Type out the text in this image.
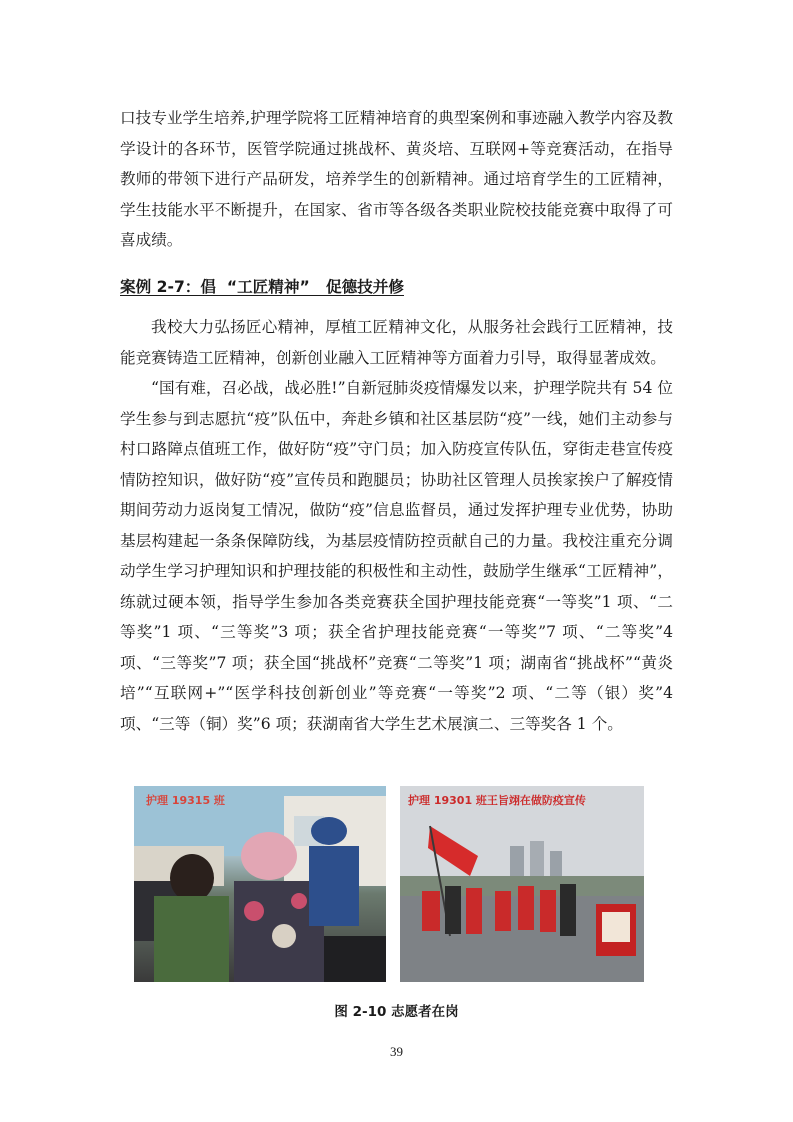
口技专业学生培养,护理学院将工匠精神培育的典型案例和事迹融入教学内容及教学设计的各环节，医管学院通过挑战杯、黄炎培、互联网+等竞赛活动，在指导教师的带领下进行产品研发，培养学生的创新精神。通过培育学生的工匠精神，学生技能水平不断提升，在国家、省市等各级各类职业院校技能竞赛中取得了可喜成绩。

案例 2-7：倡  “工匠精神”   促德技并修

我校大力弘扬匠心精神，厚植工匠精神文化，从服务社会践行工匠精神，技能竞赛铸造工匠精神，创新创业融入工匠精神等方面着力引导，取得显著成效。

“国有难，召必战，战必胜!”自新冠肺炎疫情爆发以来，护理学院共有 54 位学生参与到志愿抗“疫”队伍中，奔赴乡镇和社区基层防“疫”一线，她们主动参与村口路障点值班工作，做好防“疫”守门员；加入防疫宣传队伍，穿街走巷宣传疫情防控知识，做好防“疫”宣传员和跑腿员；协助社区管理人员挨家挨户了解疫情期间劳动力返岗复工情况，做防“疫”信息监督员，通过发挥护理专业优势，协助基层构建起一条条保障防线，为基层疫情防控贡献自己的力量。我校注重充分调动学生学习护理知识和护理技能的积极性和主动性，鼓励学生继承“工匠精神”，练就过硬本领，指导学生参加各类竞赛获全国护理技能竞赛“一等奖”1 项、“二等奖”1 项、“三等奖”3 项；获全省护理技能竞赛“一等奖”7 项、“二等奖”4 项、“三等奖”7 项；获全国“挑战杯”竞赛“二等奖”1 项；湖南省“挑战杯”“黄炎培”“互联网+”“医学科技创新创业”等竞赛“一等奖”2 项、“二等（银）奖”4 项、“三等（铜）奖”6 项；获湖南省大学生艺术展演二、三等奖各 1 个。

护理 19315 班	护理 19301 班王旨翊在做防疫宣传
图 2-10 志愿者在岗
39
